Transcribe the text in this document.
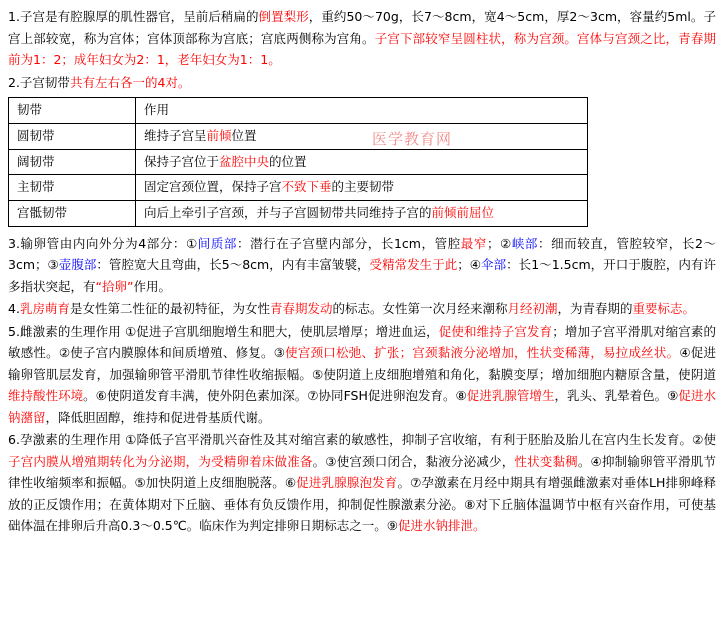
1.子宫是有腔腺厚的肌性器官，呈前后稍扁的倒置梨形，重约50～70g，长7～8cm，宽4～5cm，厚2～3cm，容量约5ml。子宫上部较宽，称为宫体；宫体顶部称为宫底；宫底两侧称为宫角。子宫下部较窄呈圆柱状，称为宫颈。宫体与宫颈之比，青春期前为1：2；成年妇女为2：1，老年妇女为1：1。

2.子宫韧带共有左右各一的4对。

韧带	作用
圆韧带	维持子宫呈前倾位置
阔韧带	保持子宫位于盆腔中央的位置
主韧带	固定宫颈位置，保持子宫不致下垂的主要韧带
宫骶韧带	向后上牵引子宫颈，并与子宫圆韧带共同维持子宫的前倾前屈位

3.输卵管由内向外分为4部分：①间质部：潜行在子宫壁内部分，长1cm，管腔最窄；②峡部：细而较直，管腔较窄，长2～3cm；③壶腹部：管腔宽大且弯曲，长5～8cm，内有丰富皱襞，受精常发生于此；④伞部：长1～1.5cm，开口于腹腔，内有许多指状突起，有“拾卵”作用。

4.乳房萌育是女性第二性征的最初特征，为女性青春期发动的标志。女性第一次月经来潮称月经初潮，为青春期的重要标志。

5.雌激素的生理作用 ①促进子宫肌细胞增生和肥大，使肌层增厚；增进血运，促使和维持子宫发育；增加子宫平滑肌对缩宫素的敏感性。②使子宫内膜腺体和间质增殖、修复。③使宫颈口松弛、扩张；宫颈黏液分泌增加，性状变稀薄，易拉成丝状。④促进输卵管肌层发育，加强输卵管平滑肌节律性收缩振幅。⑤使阴道上皮细胞增殖和角化，黏膜变厚；增加细胞内糖原含量，使阴道维持酸性环境。⑥使阴道发育丰满，使外阴色素加深。⑦协同FSH促进卵泡发育。⑧促进乳腺管增生，乳头、乳晕着色。⑨促进水钠潴留，降低胆固醇，维持和促进骨基质代谢。

6.孕激素的生理作用 ①降低子宫平滑肌兴奋性及其对缩宫素的敏感性，抑制子宫收缩，有利于胚胎及胎儿在宫内生长发育。②使子宫内膜从增殖期转化为分泌期，为受精卵着床做准备。③使宫颈口闭合，黏液分泌减少，性状变黏稠。④抑制输卵管平滑肌节律性收缩频率和振幅。⑤加快阴道上皮细胞脱落。⑥促进乳腺腺泡发育。⑦孕激素在月经中期具有增强雌激素对垂体LH排卵峰释放的正反馈作用；在黄体期对下丘脑、垂体有负反馈作用，抑制促性腺激素分泌。⑧对下丘脑体温调节中枢有兴奋作用，可使基础体温在排卵后升高0.3～0.5℃。临床作为判定排卵日期标志之一。⑨促进水钠排泄。

医学教育网
